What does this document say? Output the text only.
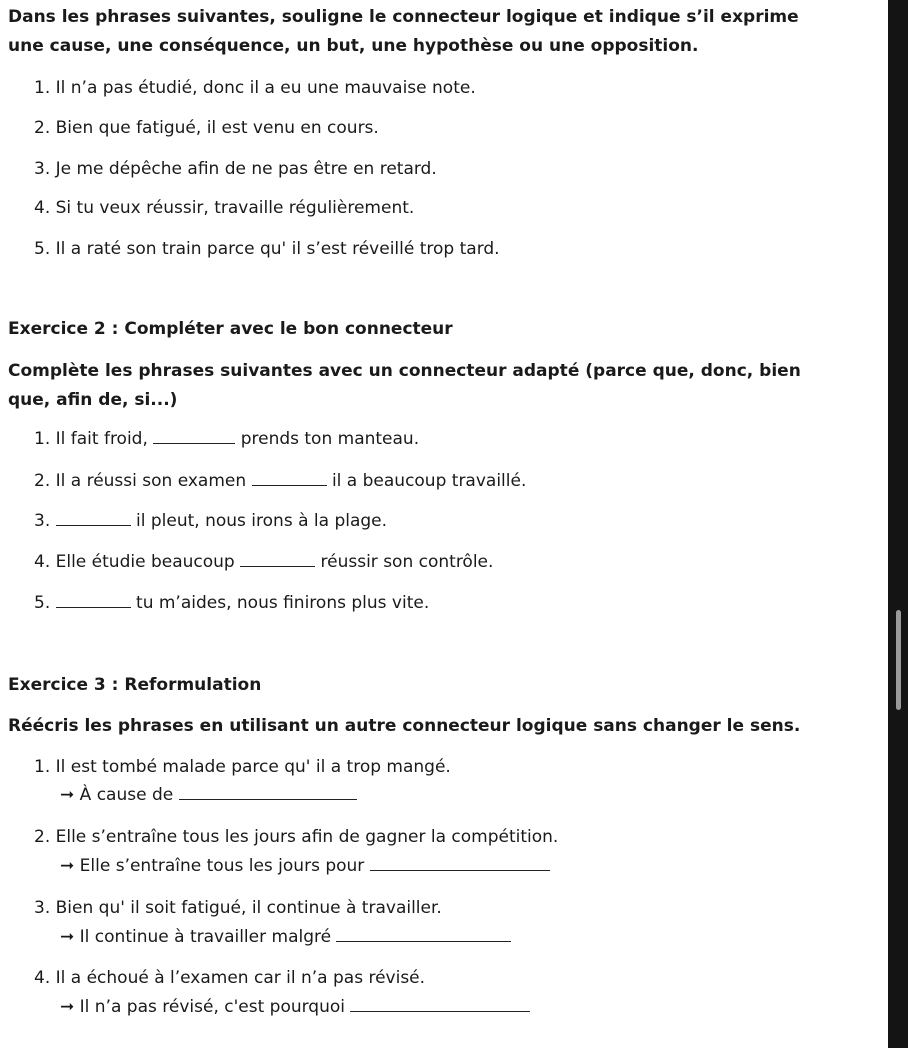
Dans les phrases suivantes, souligne le connecteur logique et indique s’il exprime
une cause, une conséquence, un but, une hypothèse ou une opposition.
1. Il n’a pas étudié, donc il a eu une mauvaise note.
2. Bien que fatigué, il est venu en cours.
3. Je me dépêche afin de ne pas être en retard.
4. Si tu veux réussir, travaille régulièrement.
5. Il a raté son train parce qu' il s’est réveillé trop tard.
Exercice 2 : Compléter avec le bon connecteur
Complète les phrases suivantes avec un connecteur adapté (parce que, donc, bien
que, afin de, si...)
1. Il fait froid,	prends ton manteau.
2. Il a réussi son examen	il a beaucoup travaillé.
3.	il pleut, nous irons à la plage.
4. Elle étudie beaucoup	réussir son contrôle.
5.	tu m’aides, nous finirons plus vite.
Exercice 3 : Reformulation
Réécris les phrases en utilisant un autre connecteur logique sans changer le sens.
1. Il est tombé malade parce qu' il a trop mangé.
➞ À cause de
2. Elle s’entraîne tous les jours afin de gagner la compétition.
➞ Elle s’entraîne tous les jours pour
3. Bien qu' il soit fatigué, il continue à travailler.
➞ Il continue à travailler malgré
4. Il a échoué à l’examen car il n’a pas révisé.
➞ Il n’a pas révisé, c'est pourquoi
